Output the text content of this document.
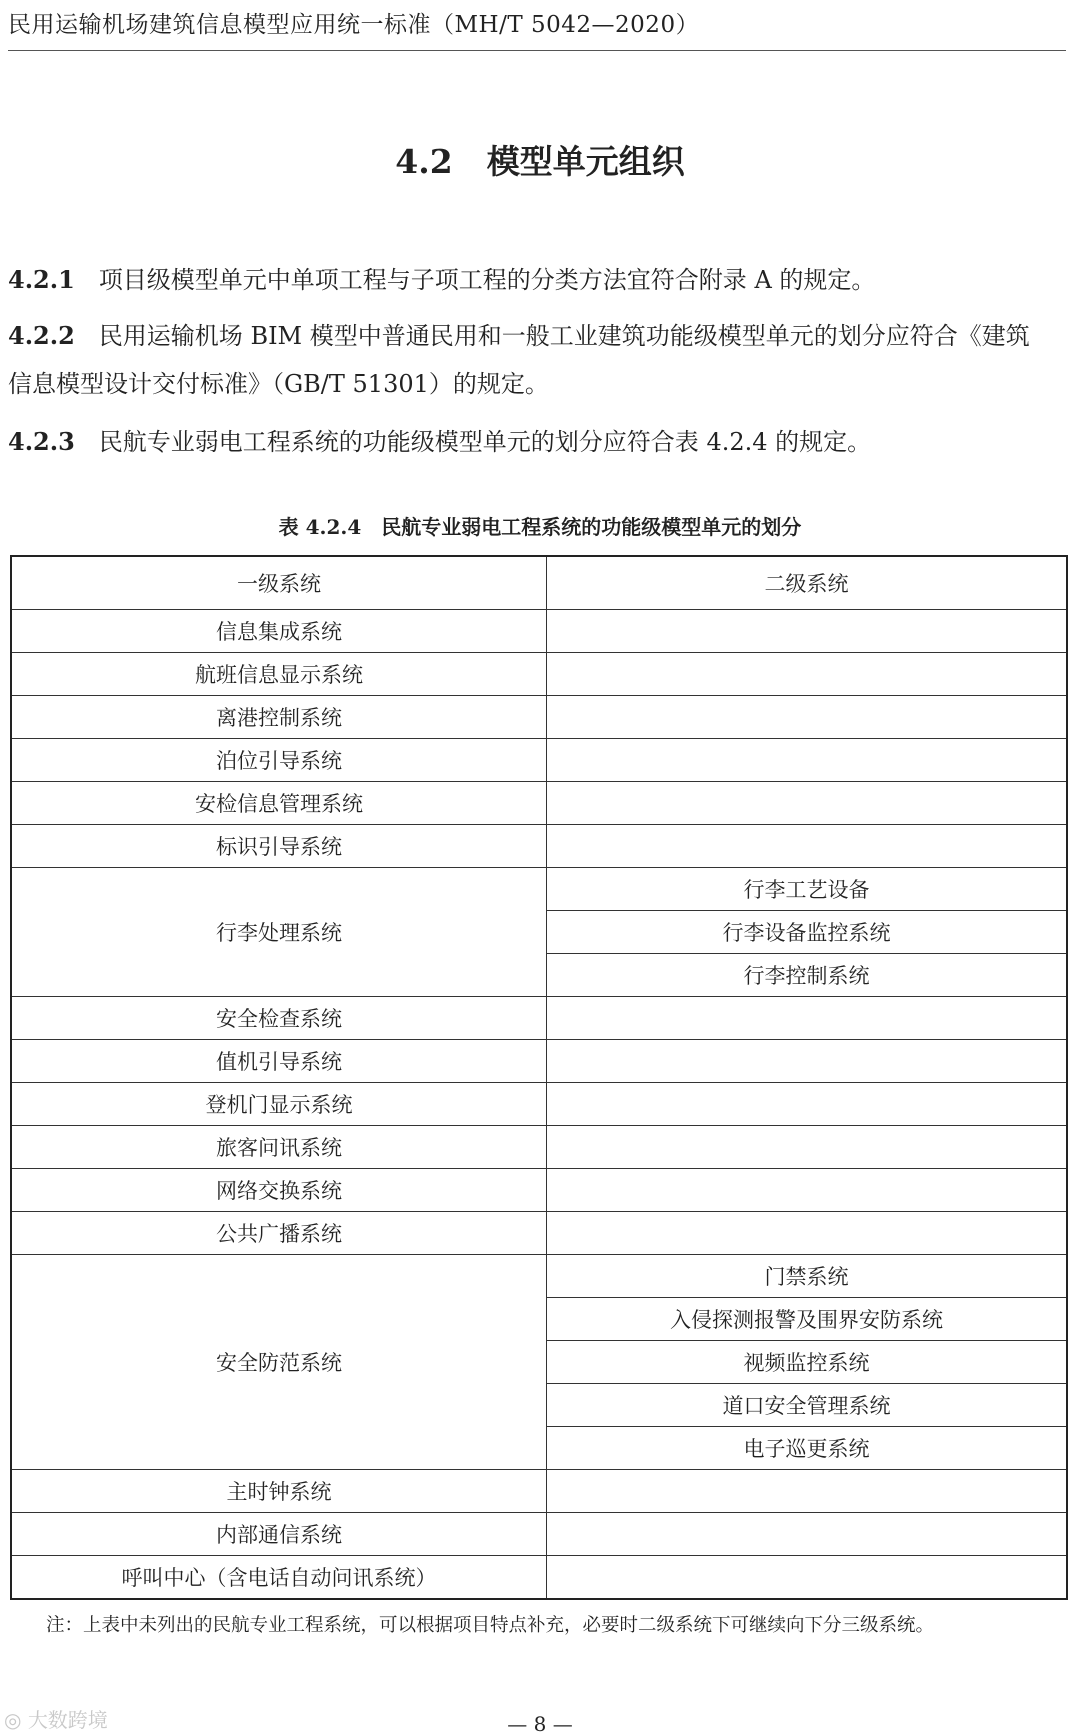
民用运输机场建筑信息模型应用统一标准（MH/T 5042—2020）
4.2 模型单元组织
4.2.1 项目级模型单元中单项工程与子项工程的分类方法宜符合附录 A 的规定。
4.2.2 民用运输机场 BIM 模型中普通民用和一般工业建筑功能级模型单元的划分应符合《建筑
信息模型设计交付标准》（GB/T 51301）的规定。
4.2.3 民航专业弱电工程系统的功能级模型单元的划分应符合表 4.2.4 的规定。
表 4.2.4 民航专业弱电工程系统的功能级模型单元的划分
一级系统	二级系统
信息集成系统	
航班信息显示系统	
离港控制系统	
泊位引导系统	
安检信息管理系统	
标识引导系统	
行李处理系统	行李工艺设备
	行李设备监控系统
	行李控制系统
安全检查系统	
值机引导系统	
登机门显示系统	
旅客问讯系统	
网络交换系统	
公共广播系统	
安全防范系统	门禁系统
	入侵探测报警及围界安防系统
	视频监控系统
	道口安全管理系统
	电子巡更系统
主时钟系统	
内部通信系统	
呼叫中心（含电话自动问讯系统）	
注：上表中未列出的民航专业工程系统，可以根据项目特点补充，必要时二级系统下可继续向下分三级系统。
— 8 —
◎ 大数跨境
